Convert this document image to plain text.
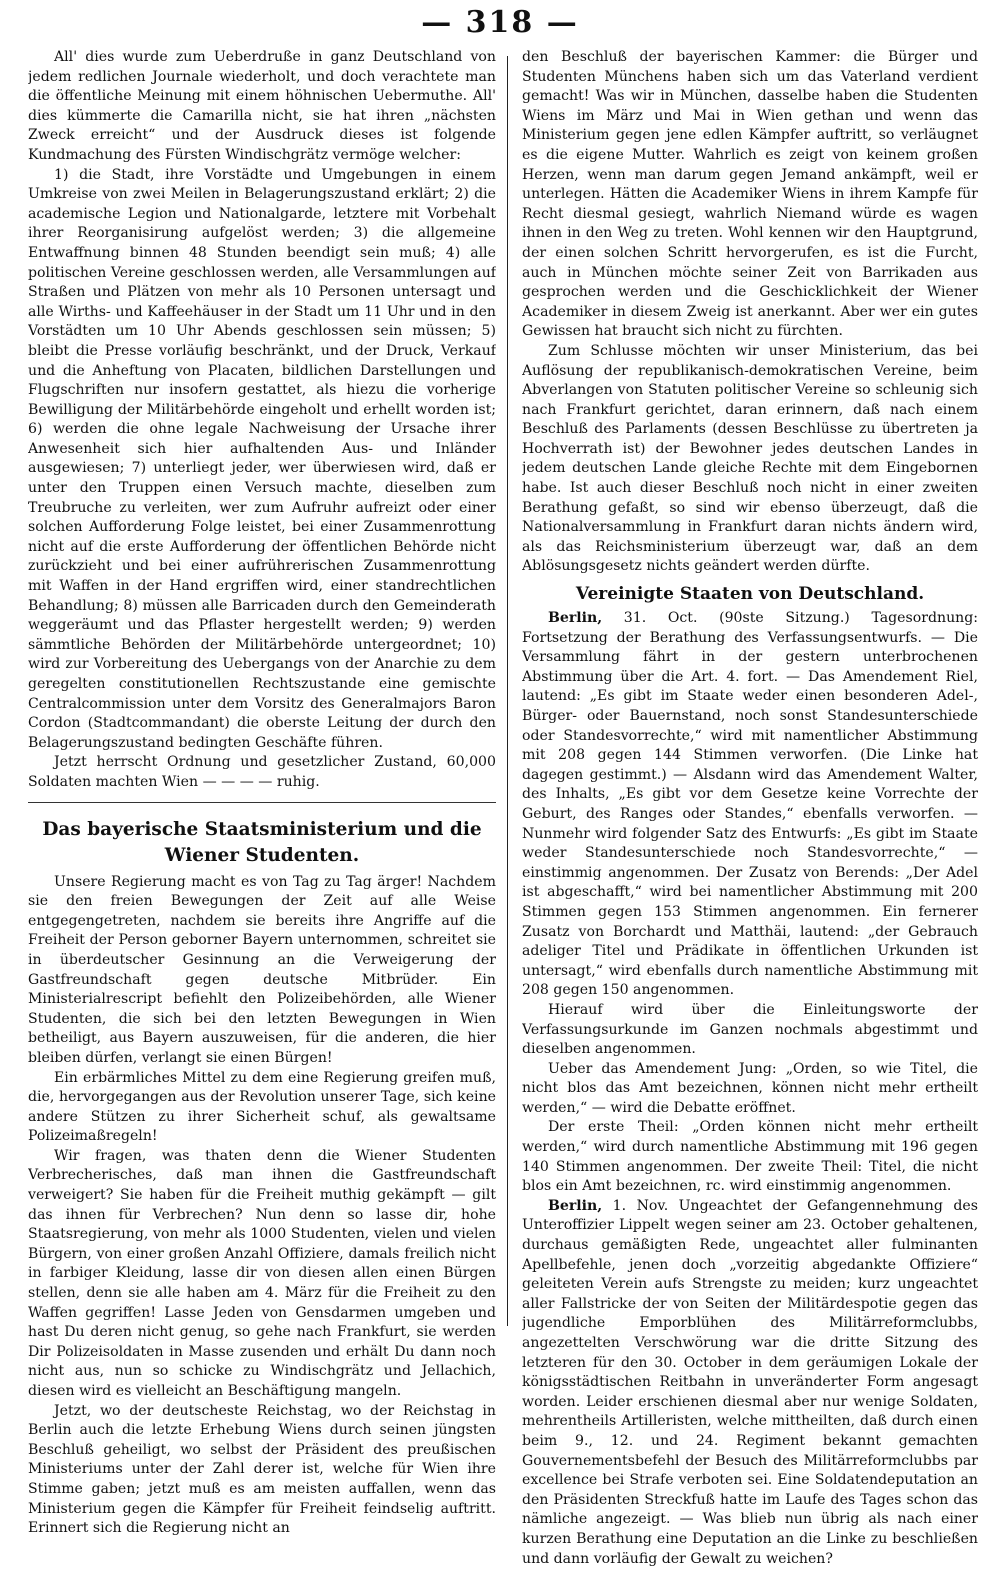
— 318 —

All' dies wurde zum Ueberdruße in ganz Deutschland von jedem redlichen Journale wiederholt, und doch verachtete man die öffentliche Meinung mit einem höhnischen Uebermuthe. All' dies kümmerte die Camarilla nicht, sie hat ihren „nächsten Zweck erreicht“ und der Ausdruck dieses ist folgende Kundmachung des Fürsten Windischgrätz vermöge welcher:

1) die Stadt, ihre Vorstädte und Umgebungen in einem Umkreise von zwei Meilen in Belagerungszustand erklärt; 2) die academische Legion und Nationalgarde, letztere mit Vorbehalt ihrer Reorganisirung aufgelöst werden; 3) die allgemeine Entwaffnung binnen 48 Stunden beendigt sein muß; 4) alle politischen Vereine geschlossen werden, alle Versammlungen auf Straßen und Plätzen von mehr als 10 Personen untersagt und alle Wirths- und Kaffeehäuser in der Stadt um 11 Uhr und in den Vorstädten um 10 Uhr Abends geschlossen sein müssen; 5) bleibt die Presse vorläufig beschränkt, und der Druck, Verkauf und die Anheftung von Placaten, bildlichen Darstellungen und Flugschriften nur insofern gestattet, als hiezu die vorherige Bewilligung der Militärbehörde eingeholt und erhellt worden ist; 6) werden die ohne legale Nachweisung der Ursache ihrer Anwesenheit sich hier aufhaltenden Aus- und Inländer ausgewiesen; 7) unterliegt jeder, wer überwiesen wird, daß er unter den Truppen einen Versuch machte, dieselben zum Treubruche zu verleiten, wer zum Aufruhr aufreizt oder einer solchen Aufforderung Folge leistet, bei einer Zusammenrottung nicht auf die erste Aufforderung der öffentlichen Behörde nicht zurückzieht und bei einer aufrührerischen Zusammenrottung mit Waffen in der Hand ergriffen wird, einer standrechtlichen Behandlung; 8) müssen alle Barricaden durch den Gemeinderath weggeräumt und das Pflaster hergestellt werden; 9) werden sämmtliche Behörden der Militärbehörde untergeordnet; 10) wird zur Vorbereitung des Uebergangs von der Anarchie zu dem geregelten constitutionellen Rechtszustande eine gemischte Centralcommission unter dem Vorsitz des Generalmajors Baron Cordon (Stadtcommandant) die oberste Leitung der durch den Belagerungszustand bedingten Geschäfte führen.

Jetzt herrscht Ordnung und gesetzlicher Zustand, 60,000 Soldaten machten Wien — — — — ruhig.

Das bayerische Staatsministerium und die Wiener Studenten.

Unsere Regierung macht es von Tag zu Tag ärger! Nachdem sie den freien Bewegungen der Zeit auf alle Weise entgegengetreten, nachdem sie bereits ihre Angriffe auf die Freiheit der Person geborner Bayern unternommen, schreitet sie in überdeutscher Gesinnung an die Verweigerung der Gastfreundschaft gegen deutsche Mitbrüder. Ein Ministerialrescript befiehlt den Polizeibehörden, alle Wiener Studenten, die sich bei den letzten Bewegungen in Wien betheiligt, aus Bayern auszuweisen, für die anderen, die hier bleiben dürfen, verlangt sie einen Bürgen!

Ein erbärmliches Mittel zu dem eine Regierung greifen muß, die, hervorgegangen aus der Revolution unserer Tage, sich keine andere Stützen zu ihrer Sicherheit schuf, als gewaltsame Polizeimaßregeln!

Wir fragen, was thaten denn die Wiener Studenten Verbrecherisches, daß man ihnen die Gastfreundschaft verweigert? Sie haben für die Freiheit muthig gekämpft — gilt das ihnen für Verbrechen? Nun denn so lasse dir, hohe Staatsregierung, von mehr als 1000 Studenten, vielen und vielen Bürgern, von einer großen Anzahl Offiziere, damals freilich nicht in farbiger Kleidung, lasse dir von diesen allen einen Bürgen stellen, denn sie alle haben am 4. März für die Freiheit zu den Waffen gegriffen! Lasse Jeden von Gensdarmen umgeben und hast Du deren nicht genug, so gehe nach Frankfurt, sie werden Dir Polizeisoldaten in Masse zusenden und erhält Du dann noch nicht aus, nun so schicke zu Windischgrätz und Jellachich, diesen wird es vielleicht an Beschäftigung mangeln.

Jetzt, wo der deutscheste Reichstag, wo der Reichstag in Berlin auch die letzte Erhebung Wiens durch seinen jüngsten Beschluß geheiligt, wo selbst der Präsident des preußischen Ministeriums unter der Zahl derer ist, welche für Wien ihre Stimme gaben; jetzt muß es am meisten auffallen, wenn das Ministerium gegen die Kämpfer für Freiheit feindselig auftritt. Erinnert sich die Regierung nicht an

den Beschluß der bayerischen Kammer: die Bürger und Studenten Münchens haben sich um das Vaterland verdient gemacht! Was wir in München, dasselbe haben die Studenten Wiens im März und Mai in Wien gethan und wenn das Ministerium gegen jene edlen Kämpfer auftritt, so verläugnet es die eigene Mutter. Wahrlich es zeigt von keinem großen Herzen, wenn man darum gegen Jemand ankämpft, weil er unterlegen. Hätten die Academiker Wiens in ihrem Kampfe für Recht diesmal gesiegt, wahrlich Niemand würde es wagen ihnen in den Weg zu treten. Wohl kennen wir den Hauptgrund, der einen solchen Schritt hervorgerufen, es ist die Furcht, auch in München möchte seiner Zeit von Barrikaden aus gesprochen werden und die Geschicklichkeit der Wiener Academiker in diesem Zweig ist anerkannt. Aber wer ein gutes Gewissen hat braucht sich nicht zu fürchten.

Zum Schlusse möchten wir unser Ministerium, das bei Auflösung der republikanisch-demokratischen Vereine, beim Abverlangen von Statuten politischer Vereine so schleunig sich nach Frankfurt gerichtet, daran erinnern, daß nach einem Beschluß des Parlaments (dessen Beschlüsse zu übertreten ja Hochverrath ist) der Bewohner jedes deutschen Landes in jedem deutschen Lande gleiche Rechte mit dem Eingebornen habe. Ist auch dieser Beschluß noch nicht in einer zweiten Berathung gefaßt, so sind wir ebenso überzeugt, daß die Nationalversammlung in Frankfurt daran nichts ändern wird, als das Reichsministerium überzeugt war, daß an dem Ablösungsgesetz nichts geändert werden dürfte.

Vereinigte Staaten von Deutschland.

Berlin, 31. Oct. (90ste Sitzung.) Tagesordnung: Fortsetzung der Berathung des Verfassungsentwurfs. — Die Versammlung fährt in der gestern unterbrochenen Abstimmung über die Art. 4. fort. — Das Amendement Riel, lautend: „Es gibt im Staate weder einen besonderen Adel-, Bürger- oder Bauernstand, noch sonst Standesunterschiede oder Standesvorrechte,“ wird mit namentlicher Abstimmung mit 208 gegen 144 Stimmen verworfen. (Die Linke hat dagegen gestimmt.) — Alsdann wird das Amendement Walter, des Inhalts, „Es gibt vor dem Gesetze keine Vorrechte der Geburt, des Ranges oder Standes,“ ebenfalls verworfen. — Nunmehr wird folgender Satz des Entwurfs: „Es gibt im Staate weder Standesunterschiede noch Standesvorrechte,“ — einstimmig angenommen. Der Zusatz von Berends: „Der Adel ist abgeschafft,“ wird bei namentlicher Abstimmung mit 200 Stimmen gegen 153 Stimmen angenommen. Ein fernerer Zusatz von Borchardt und Matthäi, lautend: „der Gebrauch adeliger Titel und Prädikate in öffentlichen Urkunden ist untersagt,“ wird ebenfalls durch namentliche Abstimmung mit 208 gegen 150 angenommen.

Hierauf wird über die Einleitungsworte der Verfassungsurkunde im Ganzen nochmals abgestimmt und dieselben angenommen.

Ueber das Amendement Jung: „Orden, so wie Titel, die nicht blos das Amt bezeichnen, können nicht mehr ertheilt werden,“ — wird die Debatte eröffnet.

Der erste Theil: „Orden können nicht mehr ertheilt werden,“ wird durch namentliche Abstimmung mit 196 gegen 140 Stimmen angenommen. Der zweite Theil: Titel, die nicht blos ein Amt bezeichnen, rc. wird einstimmig angenommen.

Berlin, 1. Nov. Ungeachtet der Gefangennehmung des Unteroffizier Lippelt wegen seiner am 23. October gehaltenen, durchaus gemäßigten Rede, ungeachtet aller fulminanten Apellbefehle, jenen doch „vorzeitig abgedankte Offiziere“ geleiteten Verein aufs Strengste zu meiden; kurz ungeachtet aller Fallstricke der von Seiten der Militärdespotie gegen das jugendliche Emporblühen des Militärreformclubbs, angezettelten Verschwörung war die dritte Sitzung des letzteren für den 30. October in dem geräumigen Lokale der königsstädtischen Reitbahn in unveränderter Form angesagt worden. Leider erschienen diesmal aber nur wenige Soldaten, mehrentheils Artilleristen, welche mittheilten, daß durch einen beim 9., 12. und 24. Regiment bekannt gemachten Gouvernementsbefehl der Besuch des Militärreformclubbs par excellence bei Strafe verboten sei. Eine Soldatendeputation an den Präsidenten Streckfuß hatte im Laufe des Tages schon das nämliche angezeigt. — Was blieb nun übrig als nach einer kurzen Berathung eine Deputation an die Linke zu beschließen und dann vorläufig der Gewalt zu weichen?
